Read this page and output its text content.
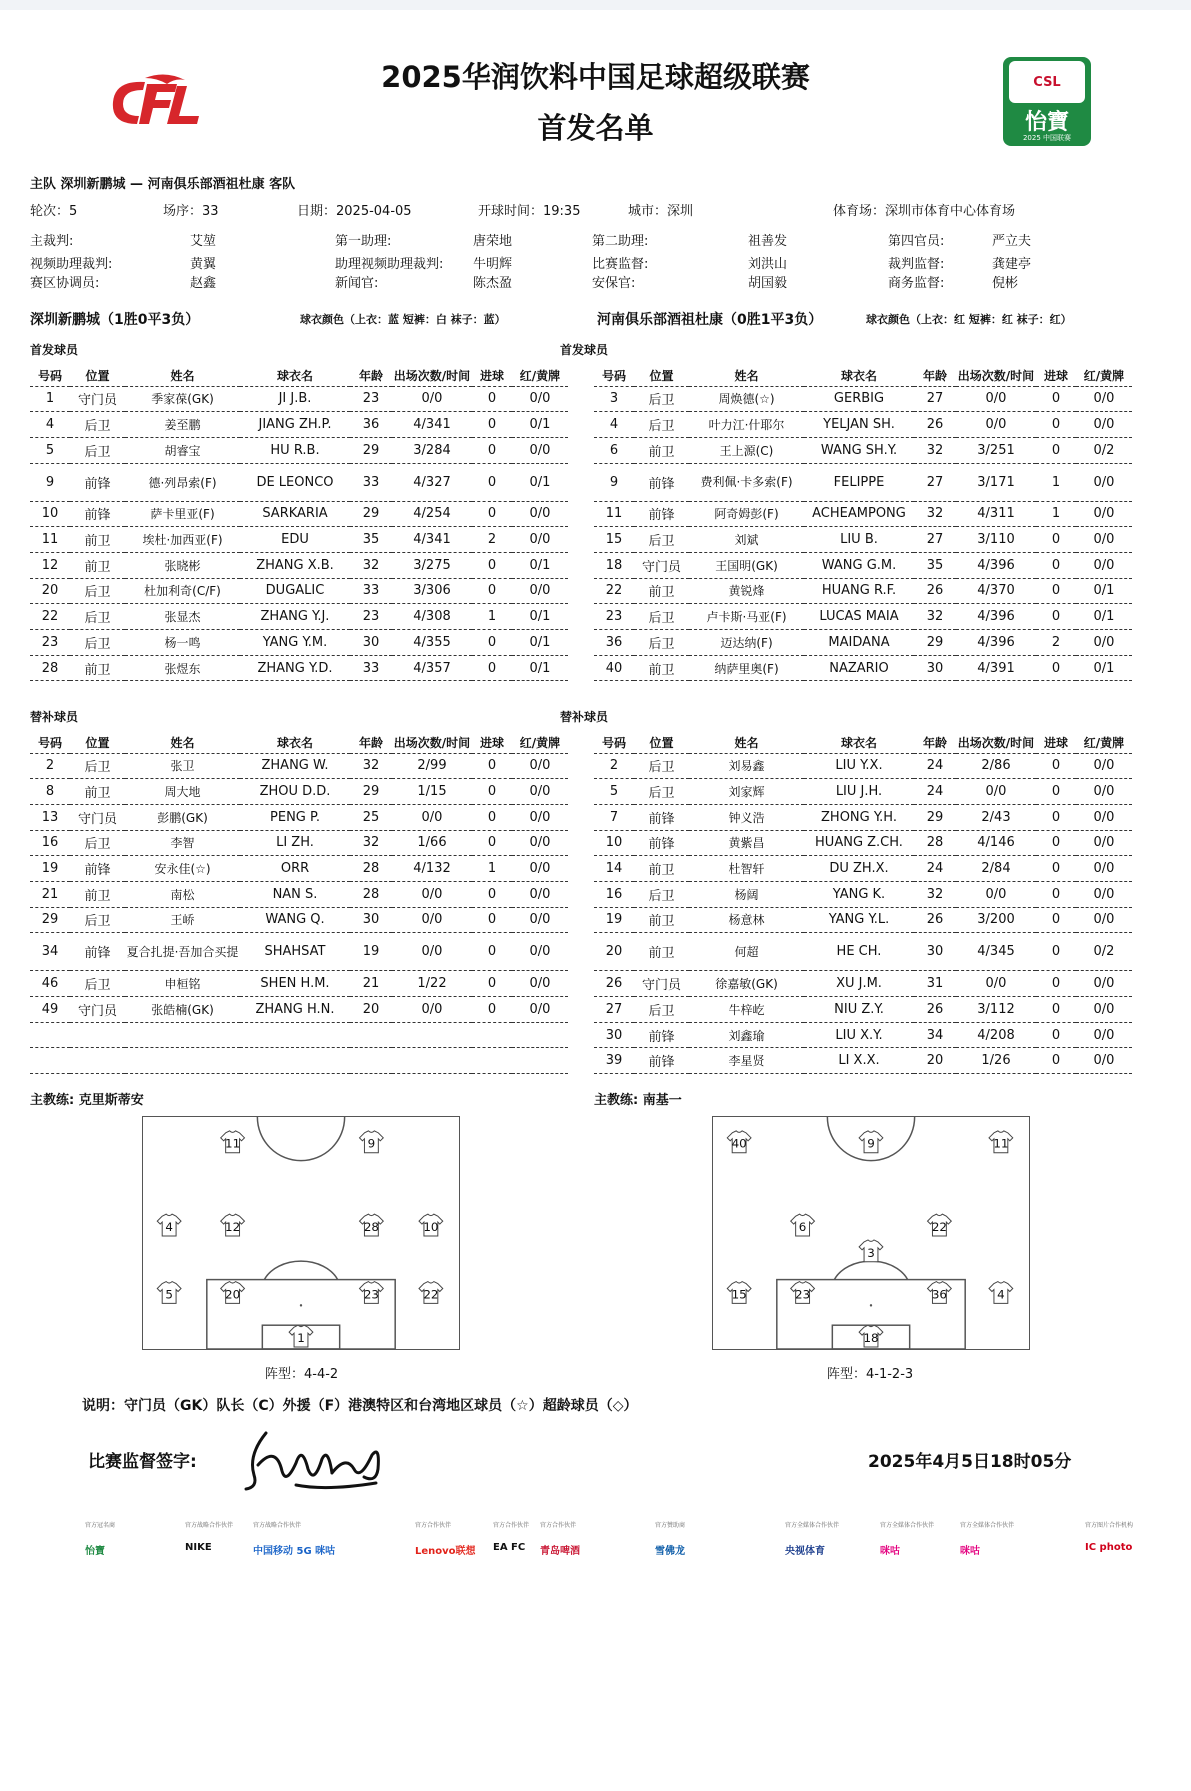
CSL
怡寶
2025 中国联赛
2025华润饮料中国足球超级联赛
首发名单
主队 深圳新鹏城 — 河南俱乐部酒祖杜康 客队
轮次：5	场序：33	日期：2025-04-05	开球时间：19:35	城市：深圳	体育场：深圳市体育中心体育场
主裁判:	艾堃	第一助理:	唐荣地	第二助理:	祖善发	第四官员:	严立夫
视频助理裁判:	黄翼	助理视频助理裁判: 牛明辉	比赛监督:	刘洪山	裁判监督:	龚建亭
赛区协调员:	赵鑫	新闻官:	陈杰盈	安保官:	胡国毅	商务监督:	倪彬
深圳新鹏城（1胜0平3负）	球衣颜色（上衣：蓝 短裤：白 袜子：蓝）	河南俱乐部酒祖杜康（0胜1平3负）	球衣颜色（上衣：红 短裤：红 袜子：红）
首发球员	首发球员
号码	位置	姓名	球衣名	年龄	出场次数/时间	进球	红/黄牌
1	守门员	季家葆(GK)	JI J.B.	23	0/0	0	0/0
4	后卫	姜至鹏	JIANG ZH.P.	36	4/341	0	0/1
5	后卫	胡睿宝	HU R.B.	29	3/284	0	0/0
9	前锋	德·列昂索(F)	DE LEONCO	33	4/327	0	0/1
10	前锋	萨卡里亚(F)	SARKARIA	29	4/254	0	0/0
11	前卫	埃杜·加西亚(F)	EDU	35	4/341	2	0/0
12	前卫	张晓彬	ZHANG X.B.	32	3/275	0	0/1
20	后卫	杜加利奇(C/F)	DUGALIC	33	3/306	0	0/0
22	后卫	张显杰	ZHANG Y.J.	23	4/308	1	0/1
23	后卫	杨一鸣	YANG Y.M.	30	4/355	0	0/1
28	前卫	张煜东	ZHANG Y.D.	33	4/357	0	0/1
号码	位置	姓名	球衣名	年龄	出场次数/时间	进球	红/黄牌
3	后卫	周焕德(☆)	GERBIG	27	0/0	0	0/0
4	后卫	叶力江·什耶尔	YELJAN SH.	26	0/0	0	0/0
6	前卫	王上源(C)	WANG SH.Y.	32	3/251	0	0/2
9	前锋	费利佩·卡多索(F)	FELIPPE	27	3/171	1	0/0
11	前锋	阿奇姆彭(F)	ACHEAMPONG	32	4/311	1	0/0
15	后卫	刘斌	LIU B.	27	3/110	0	0/0
18	守门员	王国明(GK)	WANG G.M.	35	4/396	0	0/0
22	前卫	黄锐烽	HUANG R.F.	26	4/370	0	0/1
23	后卫	卢卡斯·马亚(F)	LUCAS MAIA	32	4/396	0	0/1
36	后卫	迈达纳(F)	MAIDANA	29	4/396	2	0/0
40	前卫	纳萨里奥(F)	NAZARIO	30	4/391	0	0/1
替补球员	替补球员
号码	位置	姓名	球衣名	年龄	出场次数/时间	进球	红/黄牌
2	后卫	张卫	ZHANG W.	32	2/99	0	0/0
8	前卫	周大地	ZHOU D.D.	29	1/15	0	0/0
13	守门员	彭鹏(GK)	PENG P.	25	0/0	0	0/0
16	后卫	李智	LI ZH.	32	1/66	0	0/0
19	前锋	安永佳(☆)	ORR	28	4/132	1	0/0
21	前卫	南松	NAN S.	28	0/0	0	0/0
29	后卫	王峤	WANG Q.	30	0/0	0	0/0
34	前锋	夏合扎提·吾加合买提	SHAHSAT	19	0/0	0	0/0
46	后卫	申桓铭	SHEN H.M.	21	1/22	0	0/0
49	守门员	张皓楠(GK)	ZHANG H.N.	20	0/0	0	0/0

号码	位置	姓名	球衣名	年龄	出场次数/时间	进球	红/黄牌
2	后卫	刘易鑫	LIU Y.X.	24	2/86	0	0/0
5	后卫	刘家辉	LIU J.H.	24	0/0	0	0/0
7	前锋	钟义浩	ZHONG Y.H.	29	2/43	0	0/0
10	前锋	黄紫昌	HUANG Z.CH.	28	4/146	0	0/0
14	前卫	杜智轩	DU ZH.X.	24	2/84	0	0/0
16	后卫	杨阔	YANG K.	32	0/0	0	0/0
19	前卫	杨意林	YANG Y.L.	26	3/200	0	0/0
20	前卫	何超	HE CH.	30	4/345	0	0/2
26	守门员	徐嘉敏(GK)	XU J.M.	31	0/0	0	0/0
27	后卫	牛梓屹	NIU Z.Y.	26	3/112	0	0/0
30	前锋	刘鑫瑜	LIU X.Y.	34	4/208	0	0/0
39	前锋	李星贤	LI X.X.	20	1/26	0	0/0
主教练: 克里斯蒂安	主教练: 南基一
11	9
4	12	28	10
5	20	23	22
1
40	9	11
6	22
3
15	23	36	4
18
阵型：4-4-2	阵型：4-1-2-3
说明：守门员（GK）队长（C）外援（F）港澳特区和台湾地区球员（☆）超龄球员（◇）
比赛监督签字:	2025年4月5日18时05分
官方冠名商
怡寶
官方战略合作伙伴
NIKE
官方战略合作伙伴
中国移动 5G 咪咕
官方合作伙伴
Lenovo联想
官方合作伙伴
EA FC
官方合作伙伴
青岛啤酒
官方赞助商
雪佛龙
官方全媒体合作伙伴
央视体育
官方全媒体合作伙伴
咪咕
官方全媒体合作伙伴
咪咕
官方图片合作机构
IC photo
